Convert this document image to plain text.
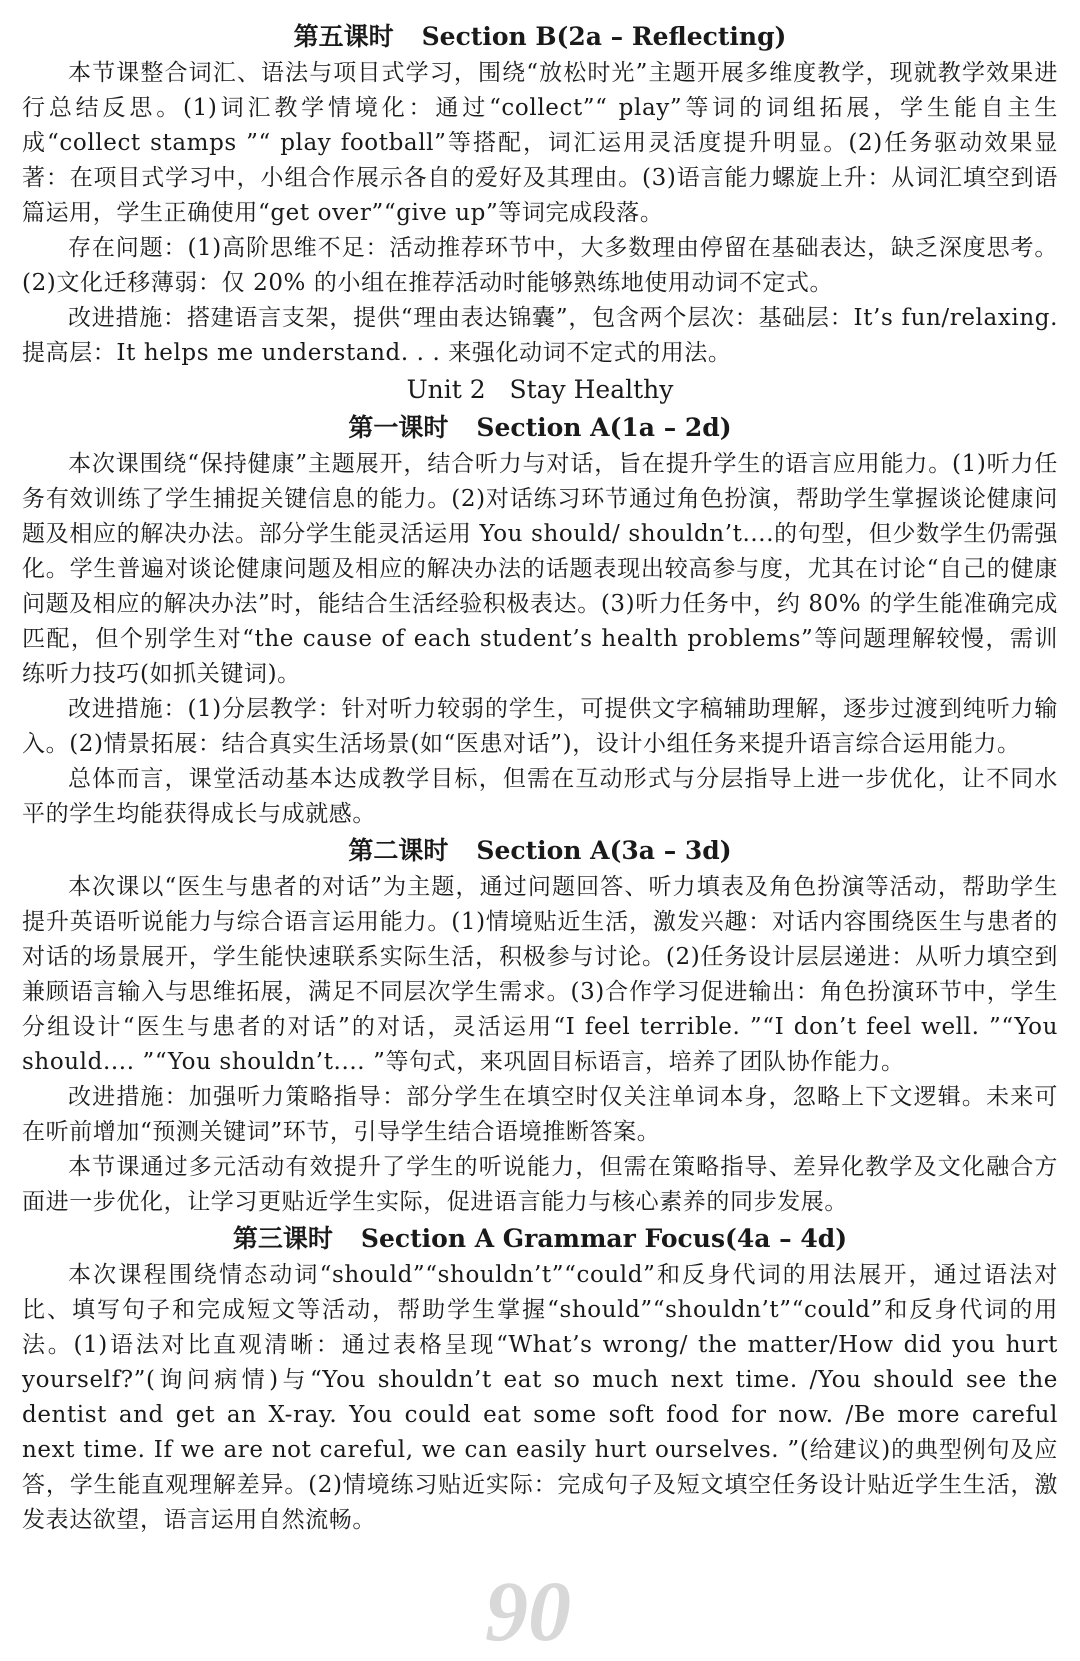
第五课时 Section B(2a – Reflecting)

本节课整合词汇、语法与项目式学习，围绕“放松时光”主题开展多维度教学，现就教学效果进行总结反思。(1)词汇教学情境化：通过“collect”“ play”等词的词组拓展，学生能自主生成“collect stamps ”“ play football”等搭配，词汇运用灵活度提升明显。(2)任务驱动效果显著：在项目式学习中，小组合作展示各自的爱好及其理由。(3)语言能力螺旋上升：从词汇填空到语篇运用，学生正确使用“get over”“give up”等词完成段落。

存在问题：(1)高阶思维不足：活动推荐环节中，大多数理由停留在基础表达，缺乏深度思考。(2)文化迁移薄弱：仅 20% 的小组在推荐活动时能够熟练地使用动词不定式。

改进措施：搭建语言支架，提供“理由表达锦囊”，包含两个层次：基础层：It’s fun/relaxing. 提高层：It helps me understand. . . 来强化动词不定式的用法。

Unit 2   Stay Healthy
第一课时 Section A(1a – 2d)

本次课围绕“保持健康”主题展开，结合听力与对话，旨在提升学生的语言应用能力。(1)听力任务有效训练了学生捕捉关键信息的能力。(2)对话练习环节通过角色扮演，帮助学生掌握谈论健康问题及相应的解决办法。部分学生能灵活运用 You should/ shouldn’t....的句型，但少数学生仍需强化。学生普遍对谈论健康问题及相应的解决办法的话题表现出较高参与度，尤其在讨论“自己的健康问题及相应的解决办法”时，能结合生活经验积极表达。(3)听力任务中，约 80% 的学生能准确完成匹配，但个别学生对“the cause of each student’s health problems”等问题理解较慢，需训练听力技巧(如抓关键词)。

改进措施：(1)分层教学：针对听力较弱的学生，可提供文字稿辅助理解，逐步过渡到纯听力输入。(2)情景拓展：结合真实生活场景(如“医患对话”)，设计小组任务来提升语言综合运用能力。

总体而言，课堂活动基本达成教学目标，但需在互动形式与分层指导上进一步优化，让不同水平的学生均能获得成长与成就感。

第二课时 Section A(3a – 3d)

本次课以“医生与患者的对话”为主题，通过问题回答、听力填表及角色扮演等活动，帮助学生提升英语听说能力与综合语言运用能力。(1)情境贴近生活，激发兴趣：对话内容围绕医生与患者的对话的场景展开，学生能快速联系实际生活，积极参与讨论。(2)任务设计层层递进：从听力填空到兼顾语言输入与思维拓展，满足不同层次学生需求。(3)合作学习促进输出：角色扮演环节中，学生分组设计“医生与患者的对话”的对话，灵活运用“I feel terrible. ”“I don’t feel well. ”“You should.... ”“You shouldn’t.... ”等句式，来巩固目标语言，培养了团队协作能力。

改进措施：加强听力策略指导：部分学生在填空时仅关注单词本身，忽略上下文逻辑。未来可在听前增加“预测关键词”环节，引导学生结合语境推断答案。

本节课通过多元活动有效提升了学生的听说能力，但需在策略指导、差异化教学及文化融合方面进一步优化，让学习更贴近学生实际，促进语言能力与核心素养的同步发展。

第三课时 Section A Grammar Focus(4a – 4d)

本次课程围绕情态动词“should”“shouldn’t”“could”和反身代词的用法展开，通过语法对比、填写句子和完成短文等活动，帮助学生掌握“should”“shouldn’t”“could”和反身代词的用法。(1)语法对比直观清晰：通过表格呈现“What’s wrong/ the matter/How did you hurt yourself?”(询问病情)与“You shouldn’t eat so much next time. /You should see the dentist and get an X-ray. You could eat some soft food for now. /Be more careful next time. If we are not careful, we can easily hurt ourselves. ”(给建议)的典型例句及应答，学生能直观理解差异。(2)情境练习贴近实际：完成句子及短文填空任务设计贴近学生生活，激发表达欲望，语言运用自然流畅。

90
